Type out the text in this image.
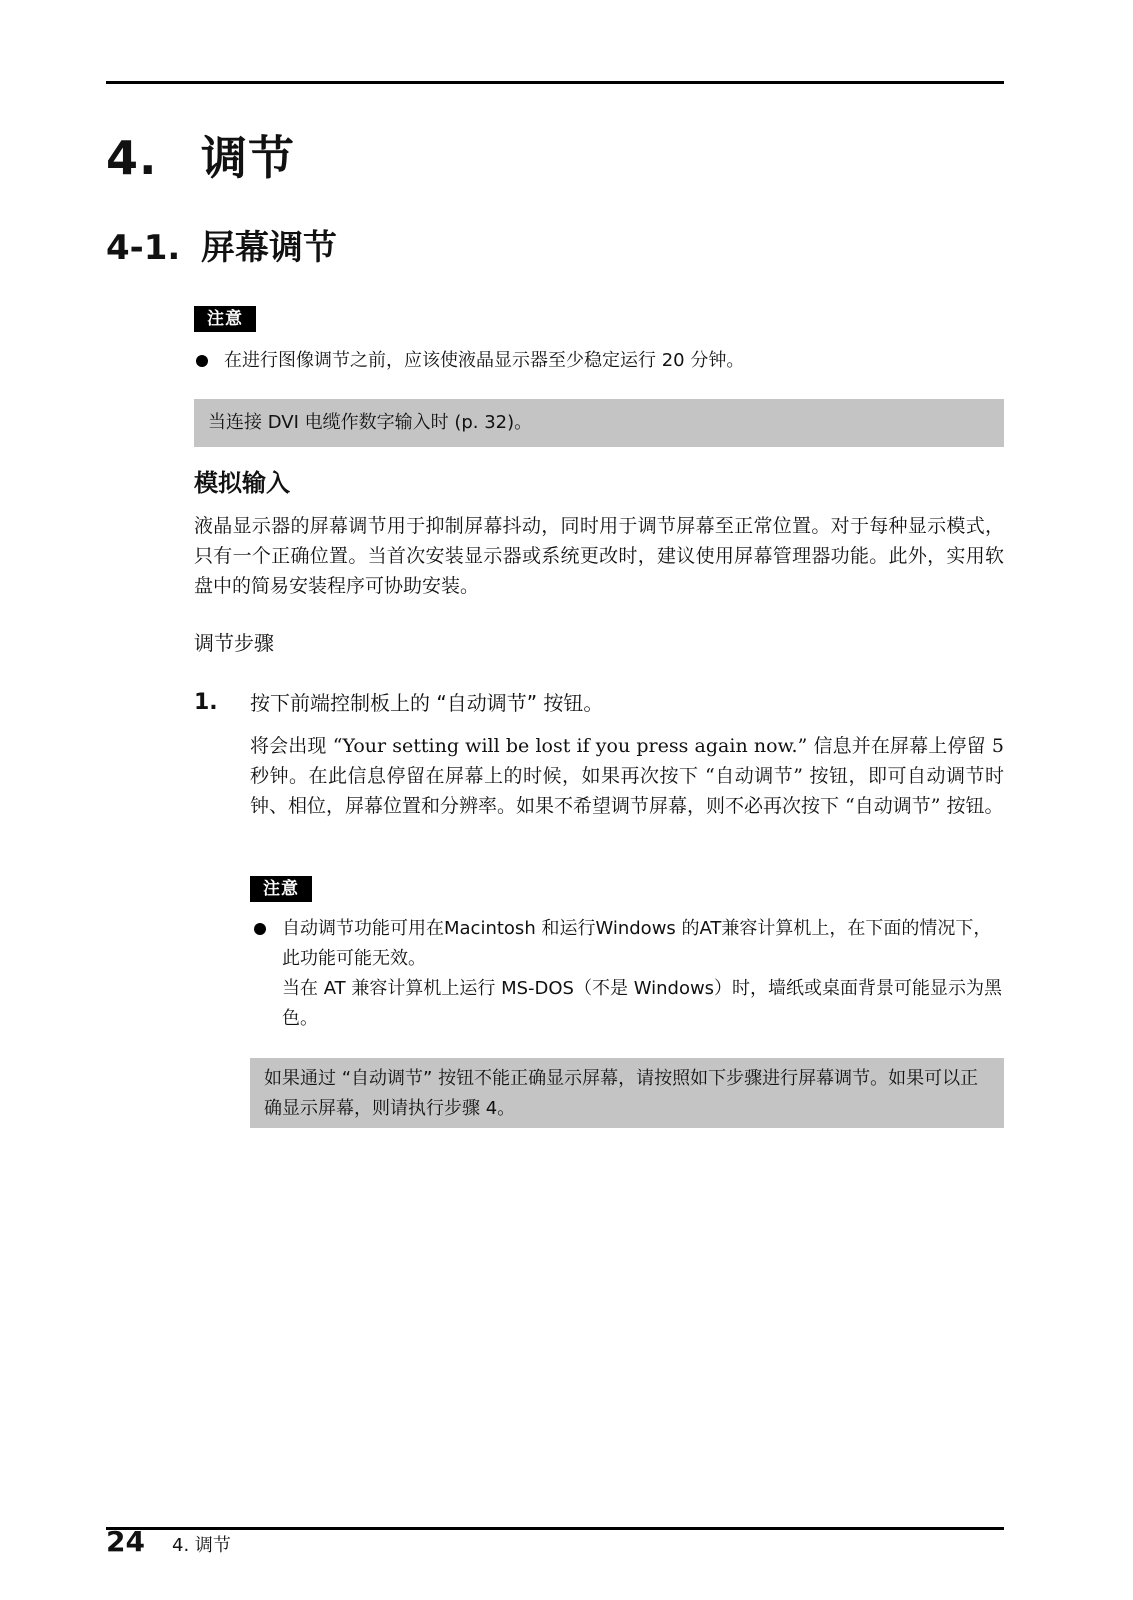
4. 调节
4-1. 屏幕调节
注意
在进行图像调节之前，应该使液晶显示器至少稳定运行 20 分钟。
当连接 DVI 电缆作数字输入时 (p. 32)。
模拟输入
液晶显示器的屏幕调节用于抑制屏幕抖动，同时用于调节屏幕至正常位置。对于每种显示模式，只有一个正确位置。当首次安装显示器或系统更改时，建议使用屏幕管理器功能。此外，实用软盘中的简易安装程序可协助安装。
调节步骤
1. 按下前端控制板上的 “自动调节” 按钮。
将会出现 “Your setting will be lost if you press again now.” 信息并在屏幕上停留 5 秒钟。在此信息停留在屏幕上的时候，如果再次按下 “自动调节” 按钮，即可自动调节时钟、相位，屏幕位置和分辨率。如果不希望调节屏幕，则不必再次按下 “自动调节” 按钮。
注意
自动调节功能可用在Macintosh 和运行Windows 的AT兼容计算机上，在下面的情况下，此功能可能无效。
当在 AT 兼容计算机上运行 MS-DOS（不是 Windows）时，墙纸或桌面背景可能显示为黑色。
如果通过 “自动调节” 按钮不能正确显示屏幕，请按照如下步骤进行屏幕调节。如果可以正确显示屏幕，则请执行步骤 4。
24 4. 调节
